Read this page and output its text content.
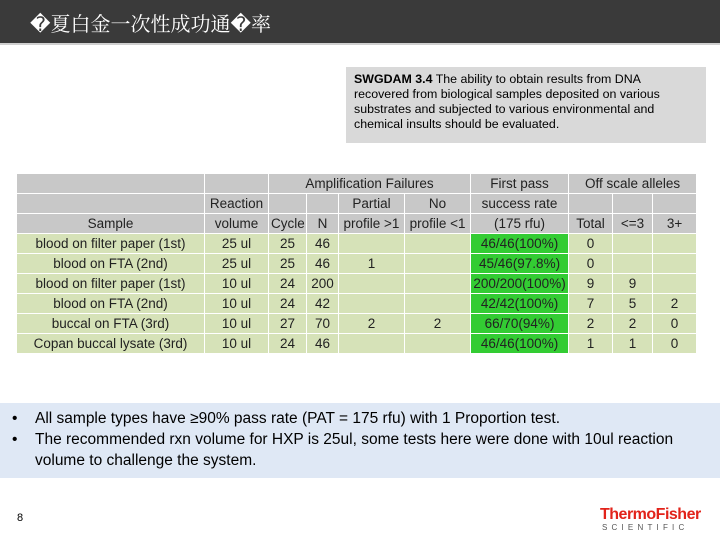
�夏白金一次性成功通�率
SWGDAM 3.4 The ability to obtain results from DNA recovered from biological samples deposited on various substrates and subjected to various environmental and chemical insults should be evaluated.
		Amplification Failures				First pass	Off scale alleles		
	Reaction			Partial	No	success rate			
Sample	volume	Cycle	N	profile >1	profile <1	(175 rfu)	Total	<=3	3+
blood on filter paper (1st)	25 ul	25	46			46/46(100%)	0		
blood on FTA (2nd)	25 ul	25	46	1		45/46(97.8%)	0		
blood on filter paper (1st)	10 ul	24	200			200/200(100%)	9	9	
blood on FTA (2nd)	10 ul	24	42			42/42(100%)	7	5	2
buccal on FTA (3rd)	10 ul	27	70	2	2	66/70(94%)	2	2	0
Copan buccal lysate (3rd)	10 ul	24	46			46/46(100%)	1	1	0
• All sample types have ≥90% pass rate (PAT = 175 rfu) with 1 Proportion test.
• The recommended rxn volume for HXP is 25ul, some tests here were done with 10ul reaction volume to challenge the system.
8	ThermoFisher
SCIENTIFIC
